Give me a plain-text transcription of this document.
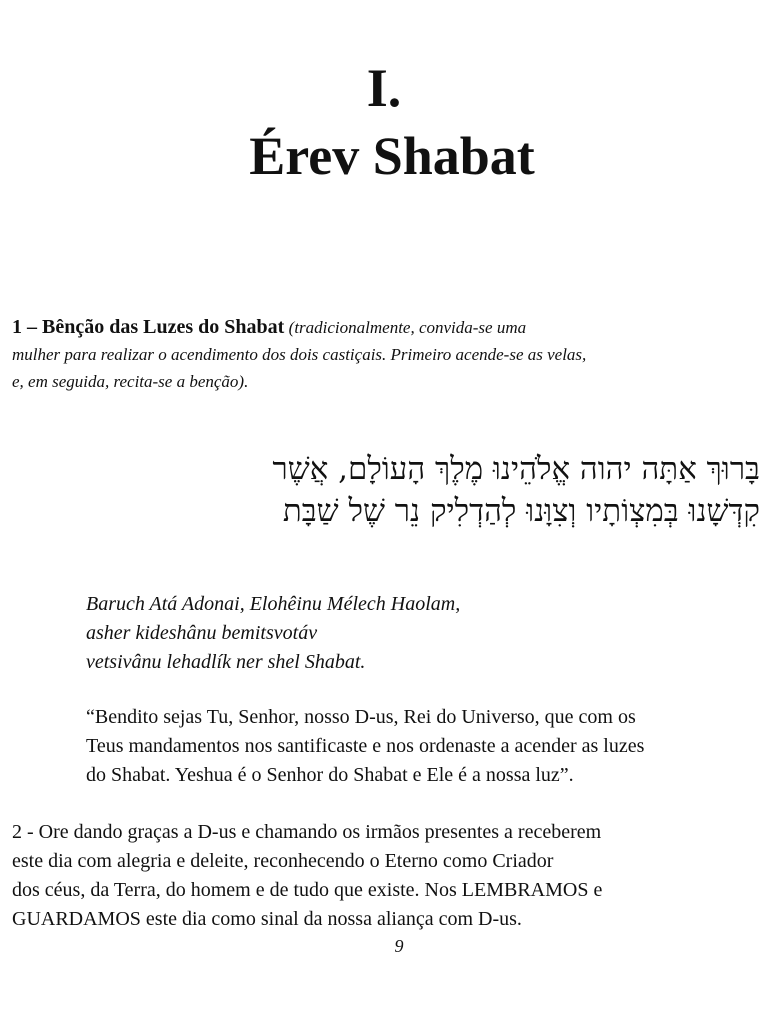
I.
Érev Shabat
1 – Bênção das Luzes do Shabat (tradicionalmente, convida-se uma
mulher para realizar o acendimento dos dois castiçais. Primeiro acende-se as velas,
e, em seguida, recita-se a benção).
בָּרוּךְ אַתָּה יהוה אֱלֹהֵינוּ מֶלֶךְ הָעוֹלָם, אֲשֶׁר
קִדְּשָׁנוּ בְּמִצְוֹתָיו וְצִוָּנוּ לְהַדְלִיק נֵר שֶׁל שַׁבָּת
Baruch Atá Adonai, Elohêinu Mélech Haolam,
asher kideshânu bemitsvotáv
vetsivânu lehadlík ner shel Shabat.
“Bendito sejas Tu, Senhor, nosso D-us, Rei do Universo, que com os
Teus mandamentos nos santificaste e nos ordenaste a acender as luzes
do Shabat. Yeshua é o Senhor do Shabat e Ele é a nossa luz”.
2 - Ore dando graças a D-us e chamando os irmãos presentes a receberem
este dia com alegria e deleite, reconhecendo o Eterno como Criador
dos céus, da Terra, do homem e de tudo que existe. Nos LEMBRAMOS e
GUARDAMOS este dia como sinal da nossa aliança com D-us.
9
